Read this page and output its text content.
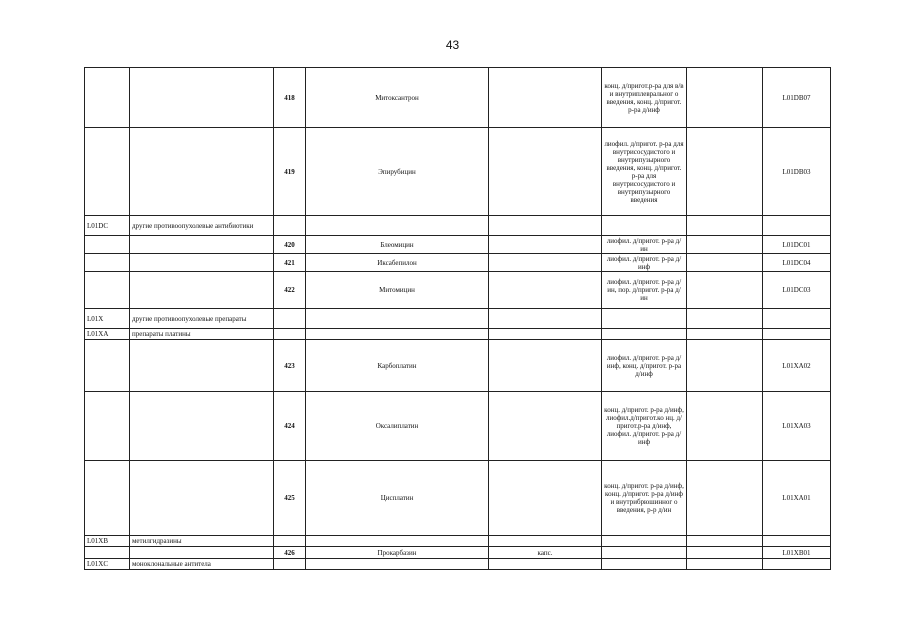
43
		418	Митоксантрон		конц. д/пригот.р-ра для в/в и внутриплевральног о введения, конц. д/пригот. р-ра д/инф		L01DB07
		419	Эпирубицин		лиофил. д/пригот. р-ра для внутрисосудистого и внутрипузырного введения, конц. д/пригот. р-ра для внутрисосудистого и внутрипузырного введения		L01DB03
L01DC	другие противоопухолевые антибиотики						
		420	Блеомицин		лиофил. д/пригот. р-ра д/ин		L01DC01
		421	Иксабепилон		лиофил. д/пригот. р-ра д/инф		L01DC04
		422	Митомицин		лиофил. д/пригот. р-ра д/ин, пор. д/пригот. р-ра д/ин		L01DC03
L01X	другие противоопухолевые препараты						
L01XA	препараты платины						
		423	Карбоплатин		лиофил. д/пригот. р-ра д/инф, конц. д/пригот. р-ра д/инф		L01XA02
		424	Оксалиплатин		конц. д/пригот. р-ра д/инф, лиофил.д/пригот.ко нц. д/пригот.р-ра д/инф, лиофил. д/пригот. р-ра д/инф		L01XA03
		425	Цисплатин		конц. д/пригот. р-ра д/инф, конц. д/пригот. р-ра д/инф и внутрибрюшинног о введения, р-р д/ин		L01XA01
L01XB	метилгидразины						
		426	Прокарбазин	капс.			L01XB01
L01XC	моноклональные антитела						
